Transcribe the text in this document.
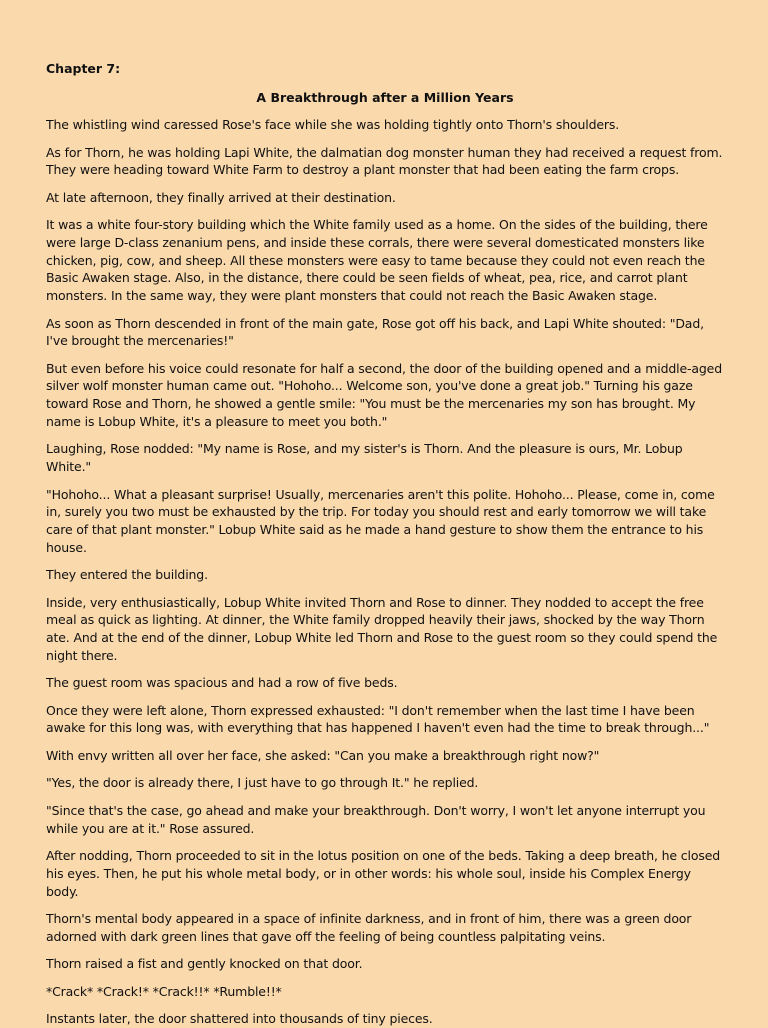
Chapter 7:
A Breakthrough after a Million Years

The whistling wind caressed Rose's face while she was holding tightly onto Thorn's shoulders.

As for Thorn, he was holding Lapi White, the dalmatian dog monster human they had received a request from. They were heading toward White Farm to destroy a plant monster that had been eating the farm crops.

At late afternoon, they finally arrived at their destination.

It was a white four-story building which the White family used as a home. On the sides of the building, there were large D-class zenanium pens, and inside these corrals, there were several domesticated monsters like chicken, pig, cow, and sheep. All these monsters were easy to tame because they could not even reach the Basic Awaken stage. Also, in the distance, there could be seen fields of wheat, pea, rice, and carrot plant monsters. In the same way, they were plant monsters that could not reach the Basic Awaken stage.

As soon as Thorn descended in front of the main gate, Rose got off his back, and Lapi White shouted: "Dad, I've brought the mercenaries!"

But even before his voice could resonate for half a second, the door of the building opened and a middle-aged silver wolf monster human came out. "Hohoho... Welcome son, you've done a great job." Turning his gaze toward Rose and Thorn, he showed a gentle smile: "You must be the mercenaries my son has brought. My name is Lobup White, it's a pleasure to meet you both."

Laughing, Rose nodded: "My name is Rose, and my sister's is Thorn. And the pleasure is ours, Mr. Lobup White."

"Hohoho... What a pleasant surprise! Usually, mercenaries aren't this polite. Hohoho... Please, come in, come in, surely you two must be exhausted by the trip. For today you should rest and early tomorrow we will take care of that plant monster." Lobup White said as he made a hand gesture to show them the entrance to his house.

They entered the building.

Inside, very enthusiastically, Lobup White invited Thorn and Rose to dinner. They nodded to accept the free meal as quick as lighting. At dinner, the White family dropped heavily their jaws, shocked by the way Thorn ate. And at the end of the dinner, Lobup White led Thorn and Rose to the guest room so they could spend the night there.

The guest room was spacious and had a row of five beds.

Once they were left alone, Thorn expressed exhausted: "I don't remember when the last time I have been awake for this long was, with everything that has happened I haven't even had the time to break through..."

With envy written all over her face, she asked: "Can you make a breakthrough right now?"

"Yes, the door is already there, I just have to go through It." he replied.

"Since that's the case, go ahead and make your breakthrough. Don't worry, I won't let anyone interrupt you while you are at it." Rose assured.

After nodding, Thorn proceeded to sit in the lotus position on one of the beds. Taking a deep breath, he closed his eyes. Then, he put his whole metal body, or in other words: his whole soul, inside his Complex Energy body.

Thorn's mental body appeared in a space of infinite darkness, and in front of him, there was a green door adorned with dark green lines that gave off the feeling of being countless palpitating veins.

Thorn raised a fist and gently knocked on that door.

*Crack* *Crack!* *Crack!!* *Rumble!!*

Instants later, the door shattered into thousands of tiny pieces.
